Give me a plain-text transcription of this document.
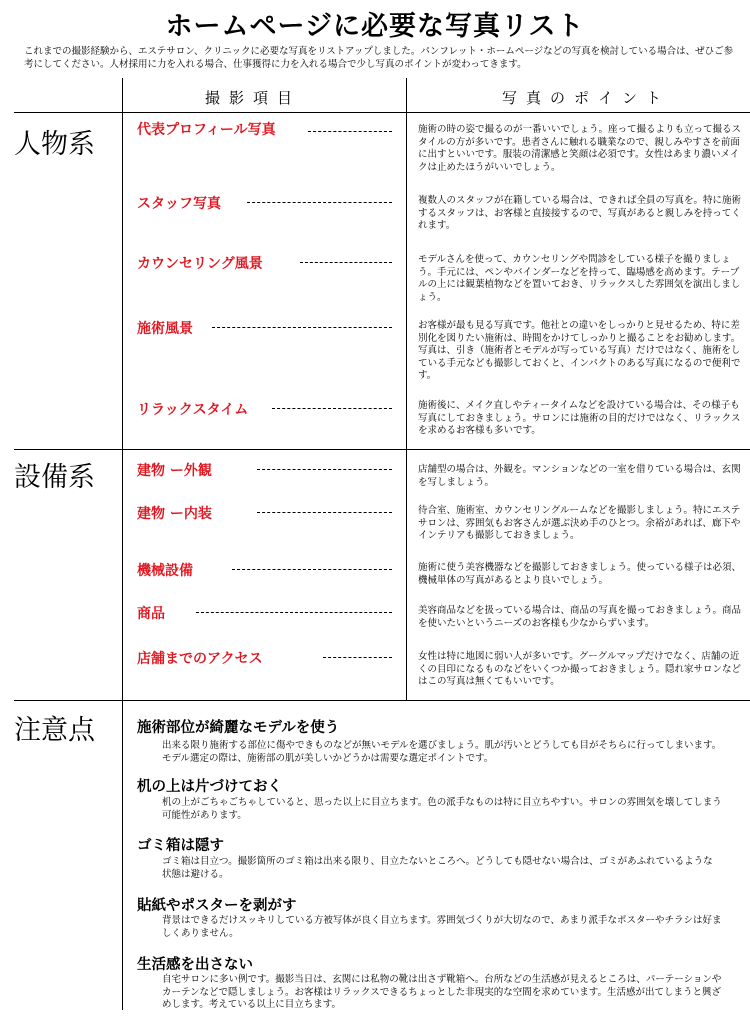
ホームページに必要な写真リスト
これまでの撮影経験から、エステサロン、クリニックに必要な写真をリストアップしました。パンフレット・ホームページなどの写真を検討している場合は、ぜひご参考にしてください。人材採用に力を入れる場合、仕事獲得に力を入れる場合で少し写真のポイントが変わってきます。
撮影項目	写真のポイント
人物系	代表プロフィール写真	施術の時の姿で撮るのが一番いいでしょう。座って撮るよりも立って撮るスタイルの方が多いです。患者さんに触れる職業なので、親しみやすさを前面に出すといいです。服装の清潔感と笑顔は必須です。女性はあまり濃いメイクは止めたほうがいいでしょう。
スタッフ写真	複数人のスタッフが在籍している場合は、できれば全員の写真を。特に施術するスタッフは、お客様と直接接するので、写真があると親しみを持ってくれます。
カウンセリング風景	モデルさんを使って、カウンセリングや問診をしている様子を撮りましょう。手元には、ペンやバインダーなどを持って、臨場感を高めます。テーブルの上には観葉植物などを置いておき、リラックスした雰囲気を演出しましょう。
施術風景	お客様が最も見る写真です。他社との違いをしっかりと見せるため、特に差別化を図りたい施術は、時間をかけてしっかりと撮ることをお勧めします。写真は、引き（施術者とモデルが写っている写真）だけではなく、施術をしている手元なども撮影しておくと、インパクトのある写真になるので便利です。
リラックスタイム	施術後に、メイク直しやティータイムなどを設けている場合は、その様子も写真にしておきましょう。サロンには施術の目的だけではなく、リラックスを求めるお客様も多いです。
設備系	建物 ー外観	店舗型の場合は、外観を。マンションなどの一室を借りている場合は、玄関を写しましょう。
建物 ー内装	待合室、施術室、カウンセリングルームなどを撮影しましょう。特にエステサロンは、雰囲気もお客さんが選ぶ決め手のひとつ。余裕があれば、廊下やインテリアも撮影しておきましょう。
機械設備	施術に使う美容機器などを撮影しておきましょう。使っている様子は必須、機械単体の写真があるとより良いでしょう。
商品	美容商品などを扱っている場合は、商品の写真を撮っておきましょう。商品を使いたいというニーズのお客様も少なからずいます。
店舗までのアクセス	女性は特に地図に弱い人が多いです。グーグルマップだけでなく、店舗の近くの目印になるものなどをいくつか撮っておきましょう。隠れ家サロンなどはこの写真は無くてもいいです。
注意点	施術部位が綺麗なモデルを使う
出来る限り施術する部位に傷やできものなどが無いモデルを選びましょう。肌が汚いとどうしても目がそちらに行ってしまいます。モデル選定の際は、施術部の肌が美しいかどうかは需要な選定ポイントです。
机の上は片づけておく
机の上がごちゃごちゃしていると、思った以上に目立ちます。色の派手なものは特に目立ちやすい。サロンの雰囲気を壊してしまう可能性があります。
ゴミ箱は隠す
ゴミ箱は目立つ。撮影箇所のゴミ箱は出来る限り、目立たないところへ。どうしても隠せない場合は、ゴミがあふれているような状態は避ける。
貼紙やポスターを剥がす
背景はできるだけスッキリしている方被写体が良く目立ちます。雰囲気づくりが大切なので、あまり派手なポスターやチラシは好ましくありません。
生活感を出さない
自宅サロンに多い例です。撮影当日は、玄関には私物の靴は出さず靴箱へ。台所などの生活感が見えるところは、パーテーションやカーテンなどで隠しましょう。お客様はリラックスできるちょっとした非現実的な空間を求めています。生活感が出てしまうと興ざめします。考えている以上に目立ちます。
